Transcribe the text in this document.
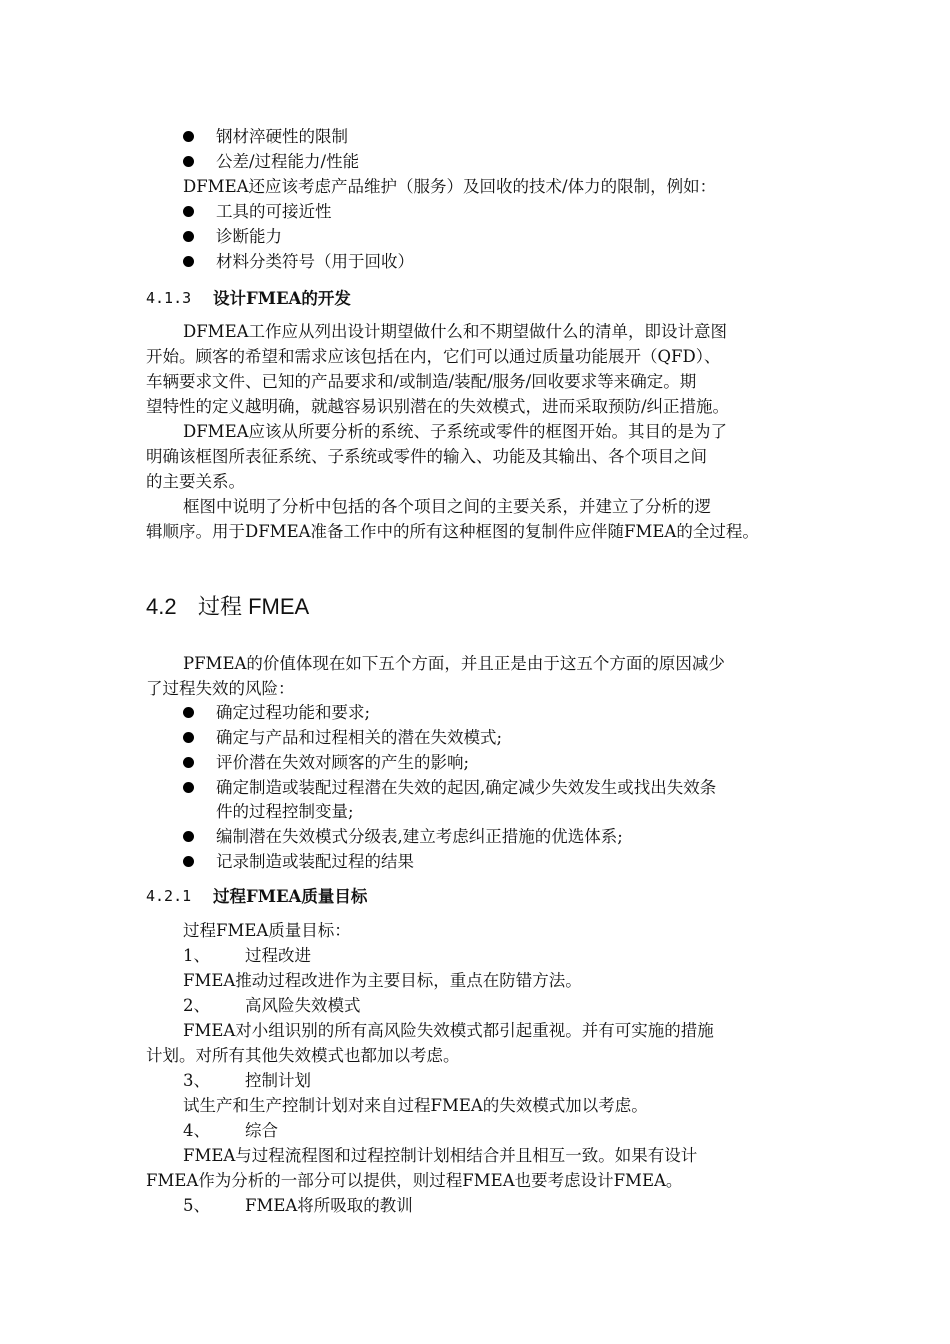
钢材淬硬性的限制
公差/过程能力/性能
DFMEA还应该考虑产品维护（服务）及回收的技术/体力的限制，例如：
工具的可接近性
诊断能力
材料分类符号（用于回收）
4.1.3 设计FMEA的开发
DFMEA工作应从列出设计期望做什么和不期望做什么的清单，即设计意图
开始。顾客的希望和需求应该包括在内，它们可以通过质量功能展开（QFD）、
车辆要求文件、已知的产品要求和/或制造/装配/服务/回收要求等来确定。期
望特性的定义越明确，就越容易识别潜在的失效模式，进而采取预防/纠正措施。
DFMEA应该从所要分析的系统、子系统或零件的框图开始。其目的是为了
明确该框图所表征系统、子系统或零件的输入、功能及其输出、各个项目之间
的主要关系。
框图中说明了分析中包括的各个项目之间的主要关系，并建立了分析的逻
辑顺序。用于DFMEA准备工作中的所有这种框图的复制件应伴随FMEA的全过程。
4.2 过程 FMEA
PFMEA的价值体现在如下五个方面，并且正是由于这五个方面的原因减少
了过程失效的风险：
确定过程功能和要求;
确定与产品和过程相关的潜在失效模式;
评价潜在失效对顾客的产生的影响;
确定制造或装配过程潜在失效的起因,确定减少失效发生或找出失效条
件的过程控制变量;
编制潜在失效模式分级表,建立考虑纠正措施的优选体系;
记录制造或装配过程的结果
4.2.1 过程FMEA质量目标
过程FMEA质量目标：
1、 过程改进
FMEA推动过程改进作为主要目标，重点在防错方法。
2、 高风险失效模式
FMEA对小组识别的所有高风险失效模式都引起重视。并有可实施的措施
计划。对所有其他失效模式也都加以考虑。
3、 控制计划
试生产和生产控制计划对来自过程FMEA的失效模式加以考虑。
4、 综合
FMEA与过程流程图和过程控制计划相结合并且相互一致。如果有设计
FMEA作为分析的一部分可以提供，则过程FMEA也要考虑设计FMEA。
5、 FMEA将所吸取的教训
